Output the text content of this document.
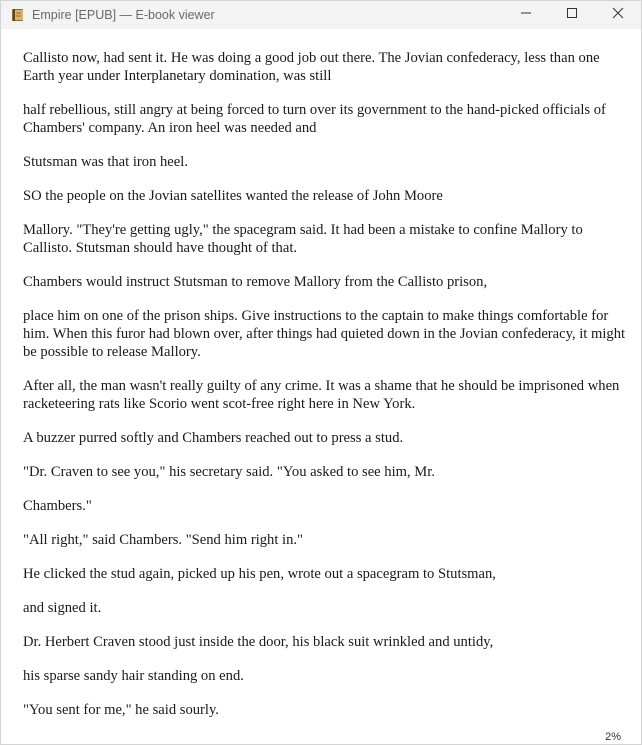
Empire [EPUB] — E-book viewer

Callisto now, had sent it. He was doing a good job out there. The Jovian confederacy, less than one Earth year under Interplanetary domination, was still

half rebellious, still angry at being forced to turn over its government to the hand-picked officials of Chambers' company. An iron heel was needed and

Stutsman was that iron heel.

SO the people on the Jovian satellites wanted the release of John Moore

Mallory. "They're getting ugly," the spacegram said. It had been a mistake to confine Mallory to Callisto. Stutsman should have thought of that.

Chambers would instruct Stutsman to remove Mallory from the Callisto prison,

place him on one of the prison ships. Give instructions to the captain to make things comfortable for him. When this furor had blown over, after things had quieted down in the Jovian confederacy, it might be possible to release Mallory.

After all, the man wasn't really guilty of any crime. It was a shame that he should be imprisoned when racketeering rats like Scorio went scot-free right here in New York.

A buzzer purred softly and Chambers reached out to press a stud.

"Dr. Craven to see you," his secretary said. "You asked to see him, Mr.

Chambers."

"All right," said Chambers. "Send him right in."

He clicked the stud again, picked up his pen, wrote out a spacegram to Stutsman,

and signed it.

Dr. Herbert Craven stood just inside the door, his black suit wrinkled and untidy,

his sparse sandy hair standing on end.

"You sent for me," he said sourly.

2%
